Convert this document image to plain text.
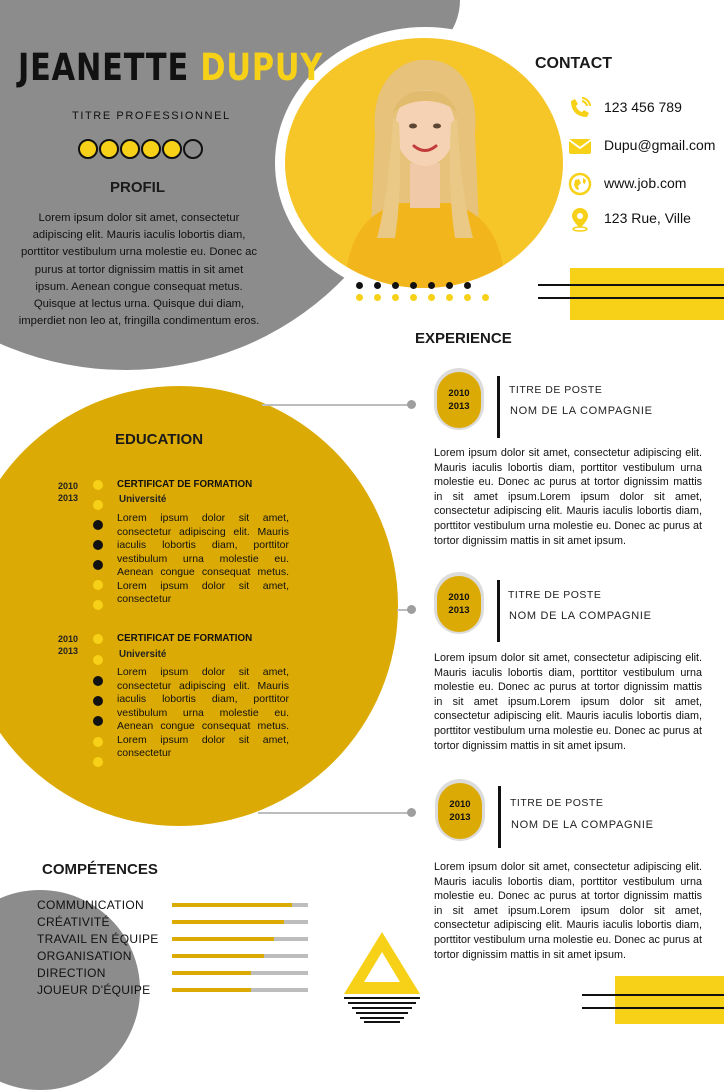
JEANETTE DUPUY
TITRE PROFESSIONNEL
PROFIL
Lorem ipsum dolor sit amet, consectetur adipiscing elit. Mauris iaculis lobortis diam, porttitor vestibulum urna molestie eu. Donec ac purus at tortor dignissim mattis in sit amet ipsum. Aenean congue consequat metus. Quisque at lectus urna. Quisque dui diam, imperdiet non leo at, fringilla condimentum eros.
CONTACT
123 456 789
Dupu@gmail.com
www.job.com
123 Rue, Ville
EXPERIENCE
2010
2013
TITRE DE POSTE
NOM DE LA COMPAGNIE
Lorem ipsum dolor sit amet, consectetur adipiscing elit. Mauris iaculis lobortis diam, porttitor vestibulum urna molestie eu. Donec ac purus at tortor dignissim mattis in sit amet ipsum.Lorem ipsum dolor sit amet, consectetur adipiscing elit. Mauris iaculis lobortis diam, porttitor vestibulum urna molestie eu. Donec ac purus at tortor dignissim mattis in sit amet ipsum.
2010
2013
TITRE DE POSTE
NOM DE LA COMPAGNIE
Lorem ipsum dolor sit amet, consectetur adipiscing elit. Mauris iaculis lobortis diam, porttitor vestibulum urna molestie eu. Donec ac purus at tortor dignissim mattis in sit amet ipsum.Lorem ipsum dolor sit amet, consectetur adipiscing elit. Mauris iaculis lobortis diam, porttitor vestibulum urna molestie eu. Donec ac purus at tortor dignissim mattis in sit amet ipsum.
2010
2013
TITRE DE POSTE
NOM DE LA COMPAGNIE
Lorem ipsum dolor sit amet, consectetur adipiscing elit. Mauris iaculis lobortis diam, porttitor vestibulum urna molestie eu. Donec ac purus at tortor dignissim mattis in sit amet ipsum.Lorem ipsum dolor sit amet, consectetur adipiscing elit. Mauris iaculis lobortis diam, porttitor vestibulum urna molestie eu. Donec ac purus at tortor dignissim mattis in sit amet ipsum.
EDUCATION
2010
2013
CERTIFICAT DE FORMATION
Université
Lorem ipsum dolor sit amet, consectetur adipiscing elit. Mauris iaculis lobortis diam, porttitor vestibulum urna molestie eu. Aenean congue consequat metus. Lorem ipsum dolor sit amet, consectetur
2010
2013
CERTIFICAT DE FORMATION
Université
Lorem ipsum dolor sit amet, consectetur adipiscing elit. Mauris iaculis lobortis diam, porttitor vestibulum urna molestie eu. Aenean congue consequat metus. Lorem ipsum dolor sit amet, consectetur
COMPÉTENCES
COMMUNICATION
CRÉATIVITÉ
TRAVAIL EN ÉQUIPE
ORGANISATION
DIRECTION
JOUEUR D'ÉQUIPE
